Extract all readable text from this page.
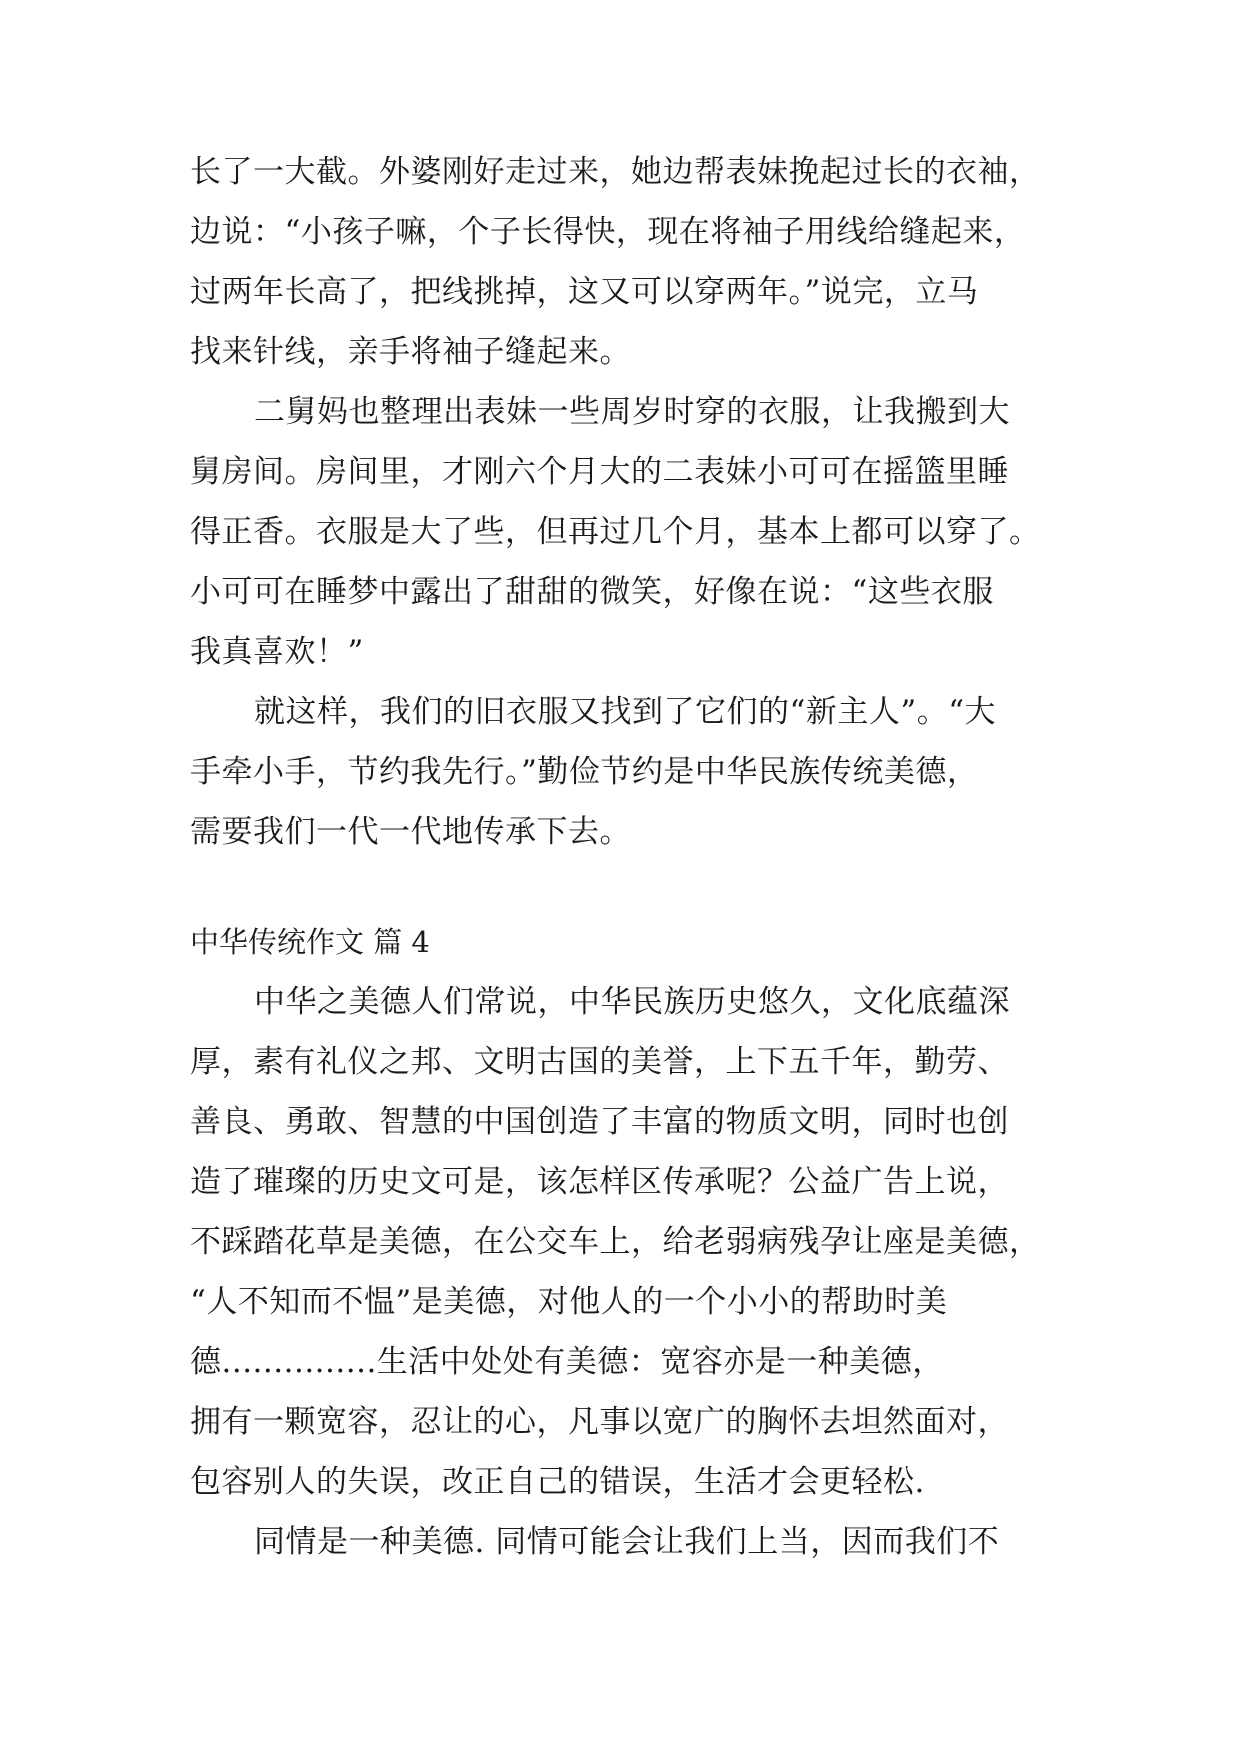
长了一大截。外婆刚好走过来，她边帮表妹挽起过长的衣袖，
边说：“小孩子嘛，个子长得快，现在将袖子用线给缝起来，
过两年长高了，把线挑掉，这又可以穿两年。”说完，立马
找来针线，亲手将袖子缝起来。
二舅妈也整理出表妹一些周岁时穿的衣服，让我搬到大
舅房间。房间里，才刚六个月大的二表妹小可可在摇篮里睡
得正香。衣服是大了些，但再过几个月，基本上都可以穿了。
小可可在睡梦中露出了甜甜的微笑，好像在说：“这些衣服
我真喜欢！”
就这样，我们的旧衣服又找到了它们的“新主人”。“大
手牵小手，节约我先行。”勤俭节约是中华民族传统美德，
需要我们一代一代地传承下去。
中华传统作文 篇 4
中华之美德人们常说，中华民族历史悠久，文化底蕴深
厚，素有礼仪之邦、文明古国的美誉，上下五千年，勤劳、
善良、勇敢、智慧的中国创造了丰富的物质文明，同时也创
造了璀璨的历史文可是，该怎样区传承呢？公益广告上说，
不踩踏花草是美德，在公交车上，给老弱病残孕让座是美德，
“人不知而不愠”是美德，对他人的一个小小的帮助时美
德...............生活中处处有美德：宽容亦是一种美德，
拥有一颗宽容，忍让的心，凡事以宽广的胸怀去坦然面对，
包容别人的失误，改正自己的错误，生活才会更轻松.
同情是一种美德. 同情可能会让我们上当，因而我们不
